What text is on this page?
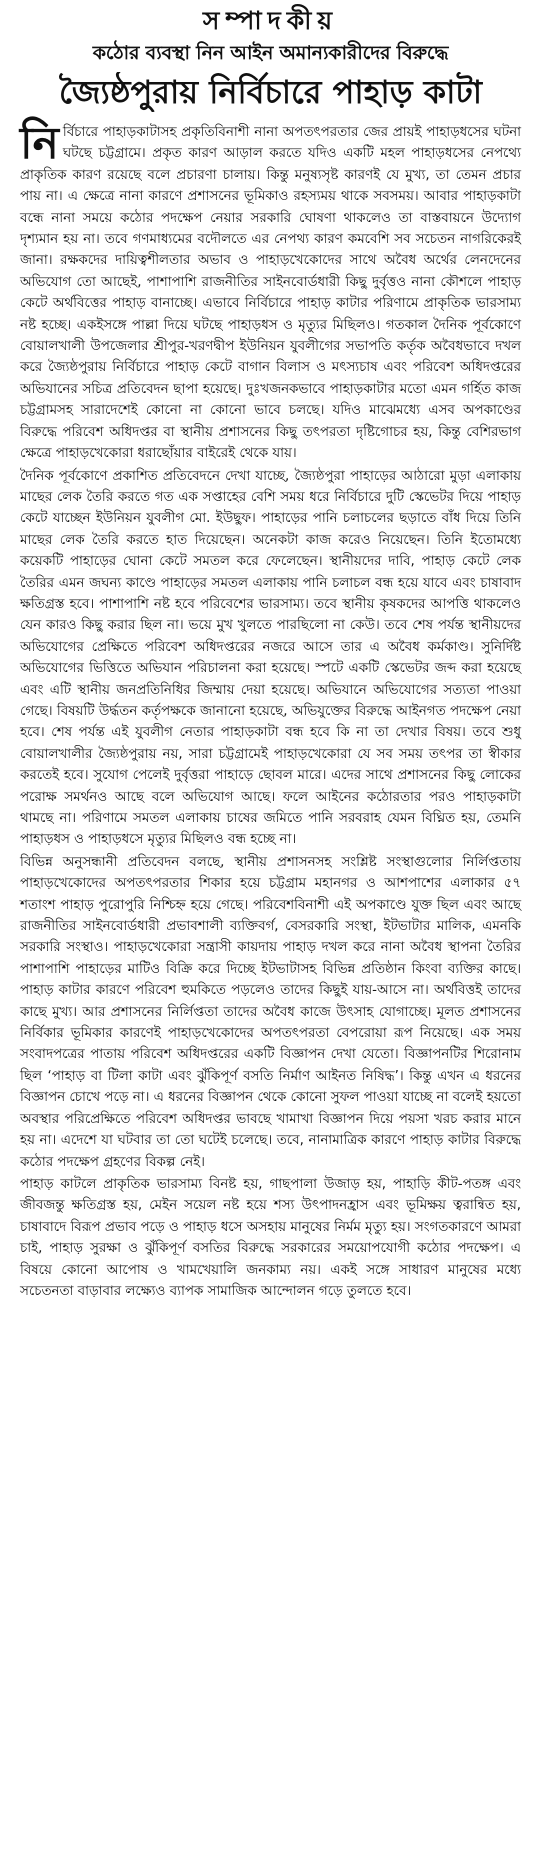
সম্পাদকীয়
কঠোর ব্যবস্থা নিন আইন অমান্যকারীদের বিরুদ্ধে
জ্যৈষ্ঠপুরায় নির্বিচারে পাহাড় কাটা

নির্বিচারে পাহাড়কাটাসহ প্রকৃতিবিনাশী নানা অপতৎপরতার জের প্রায়ই পাহাড়ধসের ঘটনা ঘটছে চট্টগ্রামে। প্রকৃত কারণ আড়াল করতে যদিও একটি মহল পাহাড়ধসের নেপথ্যে প্রাকৃতিক কারণ রয়েছে বলে প্রচারণা চালায়। কিন্তু মনুষ্যসৃষ্ট কারণই যে মুখ্য, তা তেমন প্রচার পায় না। এ ক্ষেত্রে নানা কারণে প্রশাসনের ভূমিকাও রহস্যময় থাকে সবসময়। আবার পাহাড়কাটা বন্ধে নানা সময়ে কঠোর পদক্ষেপ নেয়ার সরকারি ঘোষণা থাকলেও তা বাস্তবায়নে উদ্যোগ দৃশ্যমান হয় না। তবে গণমাধ্যমের বদৌলতে এর নেপথ্য কারণ কমবেশি সব সচেতন নাগরিকেরই জানা। রক্ষকদের দায়িত্বশীলতার অভাব ও পাহাড়খেকোদের সাথে অবৈধ অর্থের লেনদেনের অভিযোগ তো আছেই, পাশাপাশি রাজনীতির সাইনবোর্ডধারী কিছু দুর্বৃত্তও নানা কৌশলে পাহাড় কেটে অর্থবিত্তের পাহাড় বানাচ্ছে। এভাবে নির্বিচারে পাহাড় কাটার পরিণামে প্রাকৃতিক ভারসাম্য নষ্ট হচ্ছে। একইসঙ্গে পাল্লা দিয়ে ঘটছে পাহাড়ধস ও মৃত্যুর মিছিলও। গতকাল দৈনিক পূর্বকোণে বোয়ালখালী উপজেলার শ্রীপুর-খরণদ্বীপ ইউনিয়ন যুবলীগের সভাপতি কর্তৃক অবৈধভাবে দখল করে জ্যৈষ্ঠপুরায় নির্বিচারে পাহাড় কেটে বাগান বিলাস ও মৎস্যচাষ এবং পরিবেশ অধিদপ্তরের অভিযানের সচিত্র প্রতিবেদন ছাপা হয়েছে। দুঃখজনকভাবে পাহাড়কাটার মতো এমন গর্হিত কাজ চট্টগ্রামসহ সারাদেশেই কোনো না কোনো ভাবে চলছে। যদিও মাঝেমধ্যে এসব অপকাণ্ডের বিরুদ্ধে পরিবেশ অধিদপ্তর বা স্থানীয় প্রশাসনের কিছু তৎপরতা দৃষ্টিগোচর হয়, কিন্তু বেশিরভাগ ক্ষেত্রে পাহাড়খেকোরা ধরাছোঁয়ার বাইরেই থেকে যায়।

দৈনিক পূর্বকোণে প্রকাশিত প্রতিবেদনে দেখা যাচ্ছে, জ্যৈষ্ঠপুরা পাহাড়ের আঠারো মুড়া এলাকায় মাছের লেক তৈরি করতে গত এক সপ্তাহের বেশি সময় ধরে নির্বিচারে দুটি স্কেভেটর দিয়ে পাহাড় কেটে যাচ্ছেন ইউনিয়ন যুবলীগ মো. ইউছুফ। পাহাড়ের পানি চলাচলের ছড়াতে বাঁধ দিয়ে তিনি মাছের লেক তৈরি করতে হাত দিয়েছেন। অনেকটা কাজ করেও নিয়েছেন। তিনি ইতোমধ্যে কয়েকটি পাহাড়ের ঘোনা কেটে সমতল করে ফেলেছেন। স্থানীয়দের দাবি, পাহাড় কেটে লেক তৈরির এমন জঘন্য কাণ্ডে পাহাড়ের সমতল এলাকায় পানি চলাচল বন্ধ হয়ে যাবে এবং চাষাবাদ ক্ষতিগ্রস্ত হবে। পাশাপাশি নষ্ট হবে পরিবেশের ভারসাম্য। তবে স্থানীয় কৃষকদের আপত্তি থাকলেও যেন কারও কিছু করার ছিল না। ভয়ে মুখ খুলতে পারছিলো না কেউ। তবে শেষ পর্যন্ত স্থানীয়দের অভিযোগের প্রেক্ষিতে পরিবেশ অধিদপ্তরের নজরে আসে তার এ অবৈধ কর্মকাণ্ড। সুনির্দিষ্ট অভিযোগের ভিত্তিতে অভিযান পরিচালনা করা হয়েছে। স্পটে একটি স্কেভেটর জব্দ করা হয়েছে এবং এটি স্থানীয় জনপ্রতিনিধির জিম্মায় দেয়া হয়েছে। অভিযানে অভিযোগের সত্যতা পাওয়া গেছে। বিষয়টি উর্দ্ধতন কর্তৃপক্ষকে জানানো হয়েছে, অভিযুক্তের বিরুদ্ধে আইনগত পদক্ষেপ নেয়া হবে। শেষ পর্যন্ত এই যুবলীগ নেতার পাহাড়কাটা বন্ধ হবে কি না তা দেখার বিষয়। তবে শুধু বোয়ালখালীর জ্যৈষ্ঠপুরায় নয়, সারা চট্টগ্রামেই পাহাড়খেকোরা যে সব সময় তৎপর তা স্বীকার করতেই হবে। সুযোগ পেলেই দুর্বৃত্তরা পাহাড়ে ছোবল মারে। এদের সাথে প্রশাসনের কিছু লোকের পরোক্ষ সমর্থনও আছে বলে অভিযোগ আছে। ফলে আইনের কঠোরতার পরও পাহাড়কাটা থামছে না। পরিণামে সমতল এলাকায় চাষের জমিতে পানি সরবরাহ যেমন বিঘ্নিত হয়, তেমনি পাহাড়ধস ও পাহাড়ধসে মৃত্যুর মিছিলও বন্ধ হচ্ছে না।

বিভিন্ন অনুসন্ধানী প্রতিবেদন বলছে, স্থানীয় প্রশাসনসহ সংশ্লিষ্ট সংস্থাগুলোর নির্লিপ্ততায় পাহাড়খেকোদের অপতৎপরতার শিকার হয়ে চট্টগ্রাম মহানগর ও আশপাশের এলাকার ৫৭ শতাংশ পাহাড় পুরোপুরি নিশ্চিহ্ন হয়ে গেছে। পরিবেশবিনাশী এই অপকাণ্ডে যুক্ত ছিল এবং আছে রাজনীতির সাইনবোর্ডধারী প্রভাবশালী ব্যক্তিবর্গ, বেসরকারি সংস্থা, ইটভাটার মালিক, এমনকি সরকারি সংস্থাও। পাহাড়খেকোরা সন্ত্রাসী কায়দায় পাহাড় দখল করে নানা অবৈধ স্থাপনা তৈরির পাশাপাশি পাহাড়ের মাটিও বিক্রি করে দিচ্ছে ইটভাটাসহ বিভিন্ন প্রতিষ্ঠান কিংবা ব্যক্তির কাছে। পাহাড় কাটার কারণে পরিবেশ হুমকিতে পড়লেও তাদের কিছুই যায়-আসে না। অর্থবিত্তই তাদের কাছে মুখ্য। আর প্রশাসনের নির্লিপ্ততা তাদের অবৈধ কাজে উৎসাহ যোগাচ্ছে। মূলত প্রশাসনের নির্বিকার ভূমিকার কারণেই পাহাড়খেকোদের অপতৎপরতা বেপরোয়া রূপ নিয়েছে। এক সময় সংবাদপত্রের পাতায় পরিবেশ অধিদপ্তরের একটি বিজ্ঞাপন দেখা যেতো। বিজ্ঞাপনটির শিরোনাম ছিল ‘পাহাড় বা টিলা কাটা এবং ঝুঁকিপূর্ণ বসতি নির্মাণ আইনত নিষিদ্ধ’। কিন্তু এখন এ ধরনের বিজ্ঞাপন চোখে পড়ে না। এ ধরনের বিজ্ঞাপন থেকে কোনো সুফল পাওয়া যাচ্ছে না বলেই হয়তো অবস্থার পরিপ্রেক্ষিতে পরিবেশ অধিদপ্তর ভাবছে খামাখা বিজ্ঞাপন দিয়ে পয়সা খরচ করার মানে হয় না। এদেশে যা ঘটবার তা তো ঘটেই চলেছে। তবে, নানামাত্রিক কারণে পাহাড় কাটার বিরুদ্ধে কঠোর পদক্ষেপ গ্রহণের বিকল্প নেই।

পাহাড় কাটলে প্রাকৃতিক ভারসাম্য বিনষ্ট হয়, গাছপালা উজাড় হয়, পাহাড়ি কীট-পতঙ্গ এবং জীবজন্তু ক্ষতিগ্রস্ত হয়, মেইন সয়েল নষ্ট হয়ে শস্য উৎপাদনহ্রাস এবং ভূমিক্ষয় ত্বরান্বিত হয়, চাষাবাদে বিরূপ প্রভাব পড়ে ও পাহাড় ধসে অসহায় মানুষের নির্মম মৃত্যু হয়। সংগতকারণে আমরা চাই, পাহাড় সুরক্ষা ও ঝুঁকিপূর্ণ বসতির বিরুদ্ধে সরকারের সময়োপযোগী কঠোর পদক্ষেপ। এ বিষয়ে কোনো আপোষ ও খামখেয়ালি জনকাম্য নয়। একই সঙ্গে সাধারণ মানুষের মধ্যে সচেতনতা বাড়াবার লক্ষ্যেও ব্যাপক সামাজিক আন্দোলন গড়ে তুলতে হবে।
